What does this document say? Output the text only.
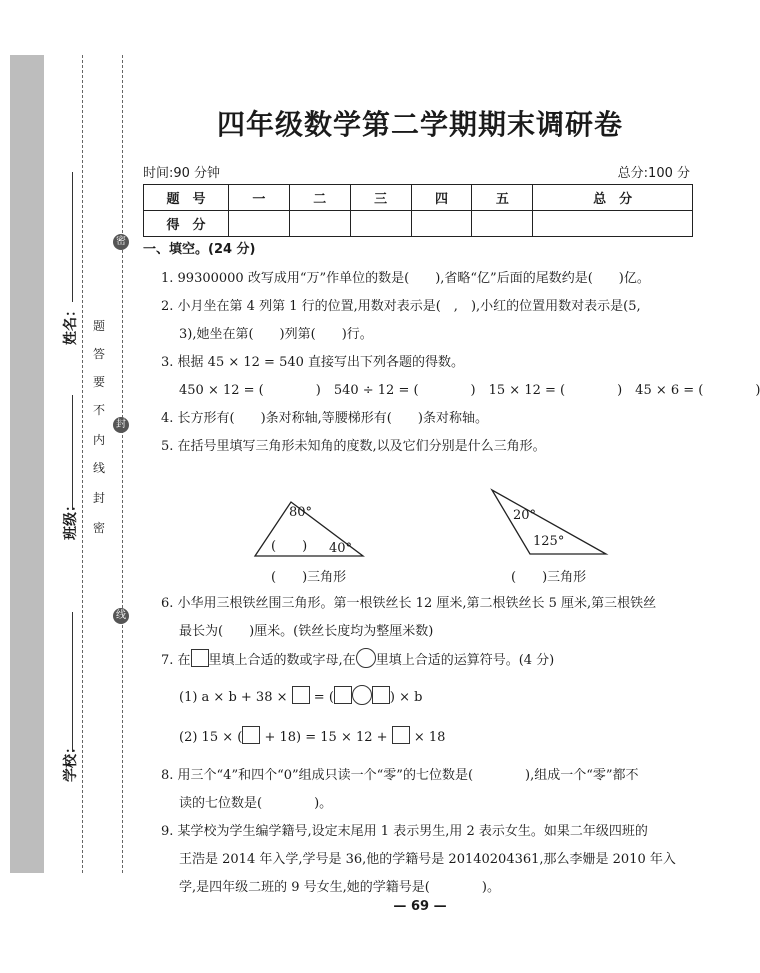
姓名：
班级：
学校：
密
封
线
内
不
要
答
题
密
封
线
四年级数学第二学期期末调研卷
时间:90 分钟	总分:100 分
题　号	一	二	三	四	五	总　分
得　分						
一、填空。(24 分)
1. 99300000 改写成用“万”作单位的数是(　　),省略“亿”后面的尾数约是(　　)亿。
2. 小月坐在第 4 列第 1 行的位置,用数对表示是(　,　),小红的位置用数对表示是(5,
3),她坐在第(　　)列第(　　)行。
3. 根据 45 × 12 = 540 直接写出下列各题的得数。
450 × 12 = (　　　　)　540 ÷ 12 = (　　　　)　15 × 12 = (　　　　)　45 × 6 = (　　　　)
4. 长方形有(　　)条对称轴,等腰梯形有(　　)条对称轴。
5. 在括号里填写三角形未知角的度数,以及它们分别是什么三角形。
80°
40°
(　　)
(　　)三角形
20°
125°
(　　)三角形
6. 小华用三根铁丝围三角形。第一根铁丝长 12 厘米,第二根铁丝长 5 厘米,第三根铁丝
最长为(　　)厘米。(铁丝长度均为整厘米数)
7. 在 里填上合适的数或字母,在 里填上合适的运算符号。(4 分)
(1) a × b + 38 × = (	) × b
(2) 15 × ( + 18) = 15 × 12 + × 18
8. 用三个“4”和四个“0”组成只读一个“零”的七位数是(　　　　),组成一个“零”都不
读的七位数是(　　　　)。
9. 某学校为学生编学籍号,设定末尾用 1 表示男生,用 2 表示女生。如果二年级四班的
王浩是 2014 年入学,学号是 36,他的学籍号是 20140204361,那么李姗是 2010 年入
学,是四年级二班的 9 号女生,她的学籍号是(　　　　)。
— 69 —
